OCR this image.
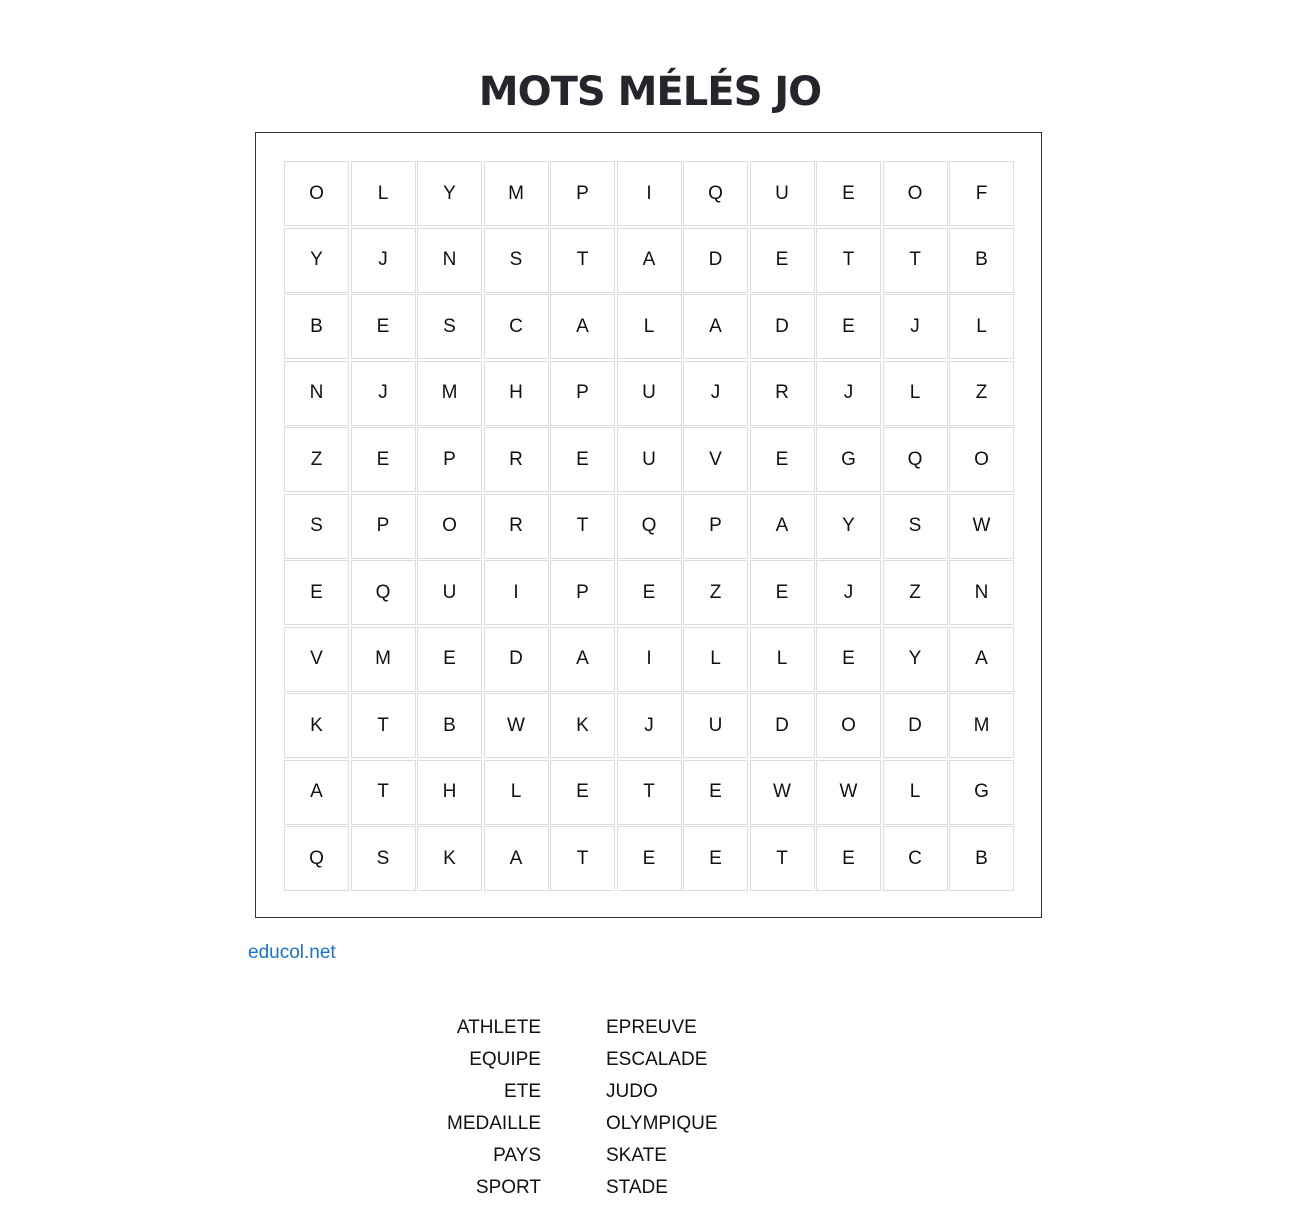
MOTS MÉLÉS JO
O	L	Y	M	P	I	Q	U	E	O	F
Y	J	N	S	T	A	D	E	T	T	B
B	E	S	C	A	L	A	D	E	J	L
N	J	M	H	P	U	J	R	J	L	Z
Z	E	P	R	E	U	V	E	G	Q	O
S	P	O	R	T	Q	P	A	Y	S	W
E	Q	U	I	P	E	Z	E	J	Z	N
V	M	E	D	A	I	L	L	E	Y	A
K	T	B	W	K	J	U	D	O	D	M
A	T	H	L	E	T	E	W	W	L	G
Q	S	K	A	T	E	E	T	E	C	B
educol.net
ATHLETE
EQUIPE
ETE
MEDAILLE
PAYS
SPORT
EPREUVE
ESCALADE
JUDO
OLYMPIQUE
SKATE
STADE
